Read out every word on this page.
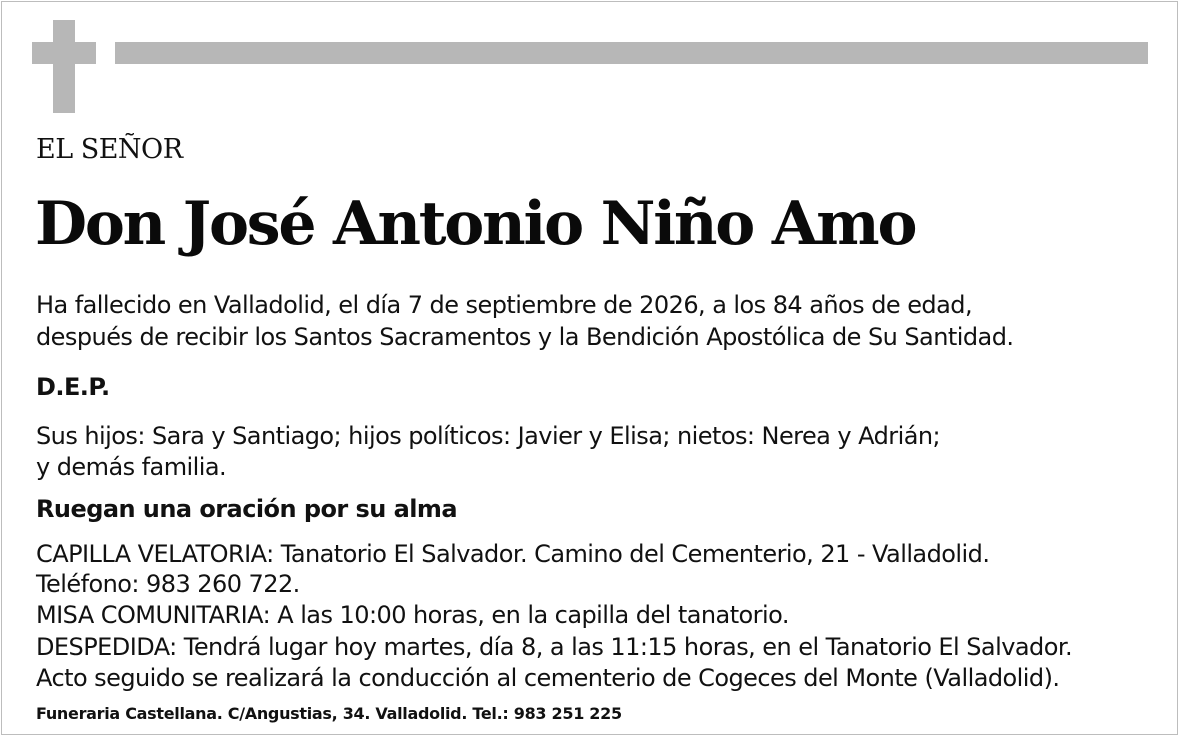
EL SEÑOR
Don José Antonio Niño Amo
Ha fallecido en Valladolid, el día 7 de septiembre de 2026, a los 84 años de edad,
después de recibir los Santos Sacramentos y la Bendición Apostólica de Su Santidad.
D.E.P.
Sus hijos: Sara y Santiago; hijos políticos: Javier y Elisa; nietos: Nerea y Adrián;
y demás familia.
Ruegan una oración por su alma
CAPILLA VELATORIA: Tanatorio El Salvador. Camino del Cementerio, 21 - Valladolid.
Teléfono: 983 260 722.
MISA COMUNITARIA: A las 10:00 horas, en la capilla del tanatorio.
DESPEDIDA: Tendrá lugar hoy martes, día 8, a las 11:15 horas, en el Tanatorio El Salvador.
Acto seguido se realizará la conducción al cementerio de Cogeces del Monte (Valladolid).
Funeraria Castellana. C/Angustias, 34. Valladolid. Tel.: 983 251 225
